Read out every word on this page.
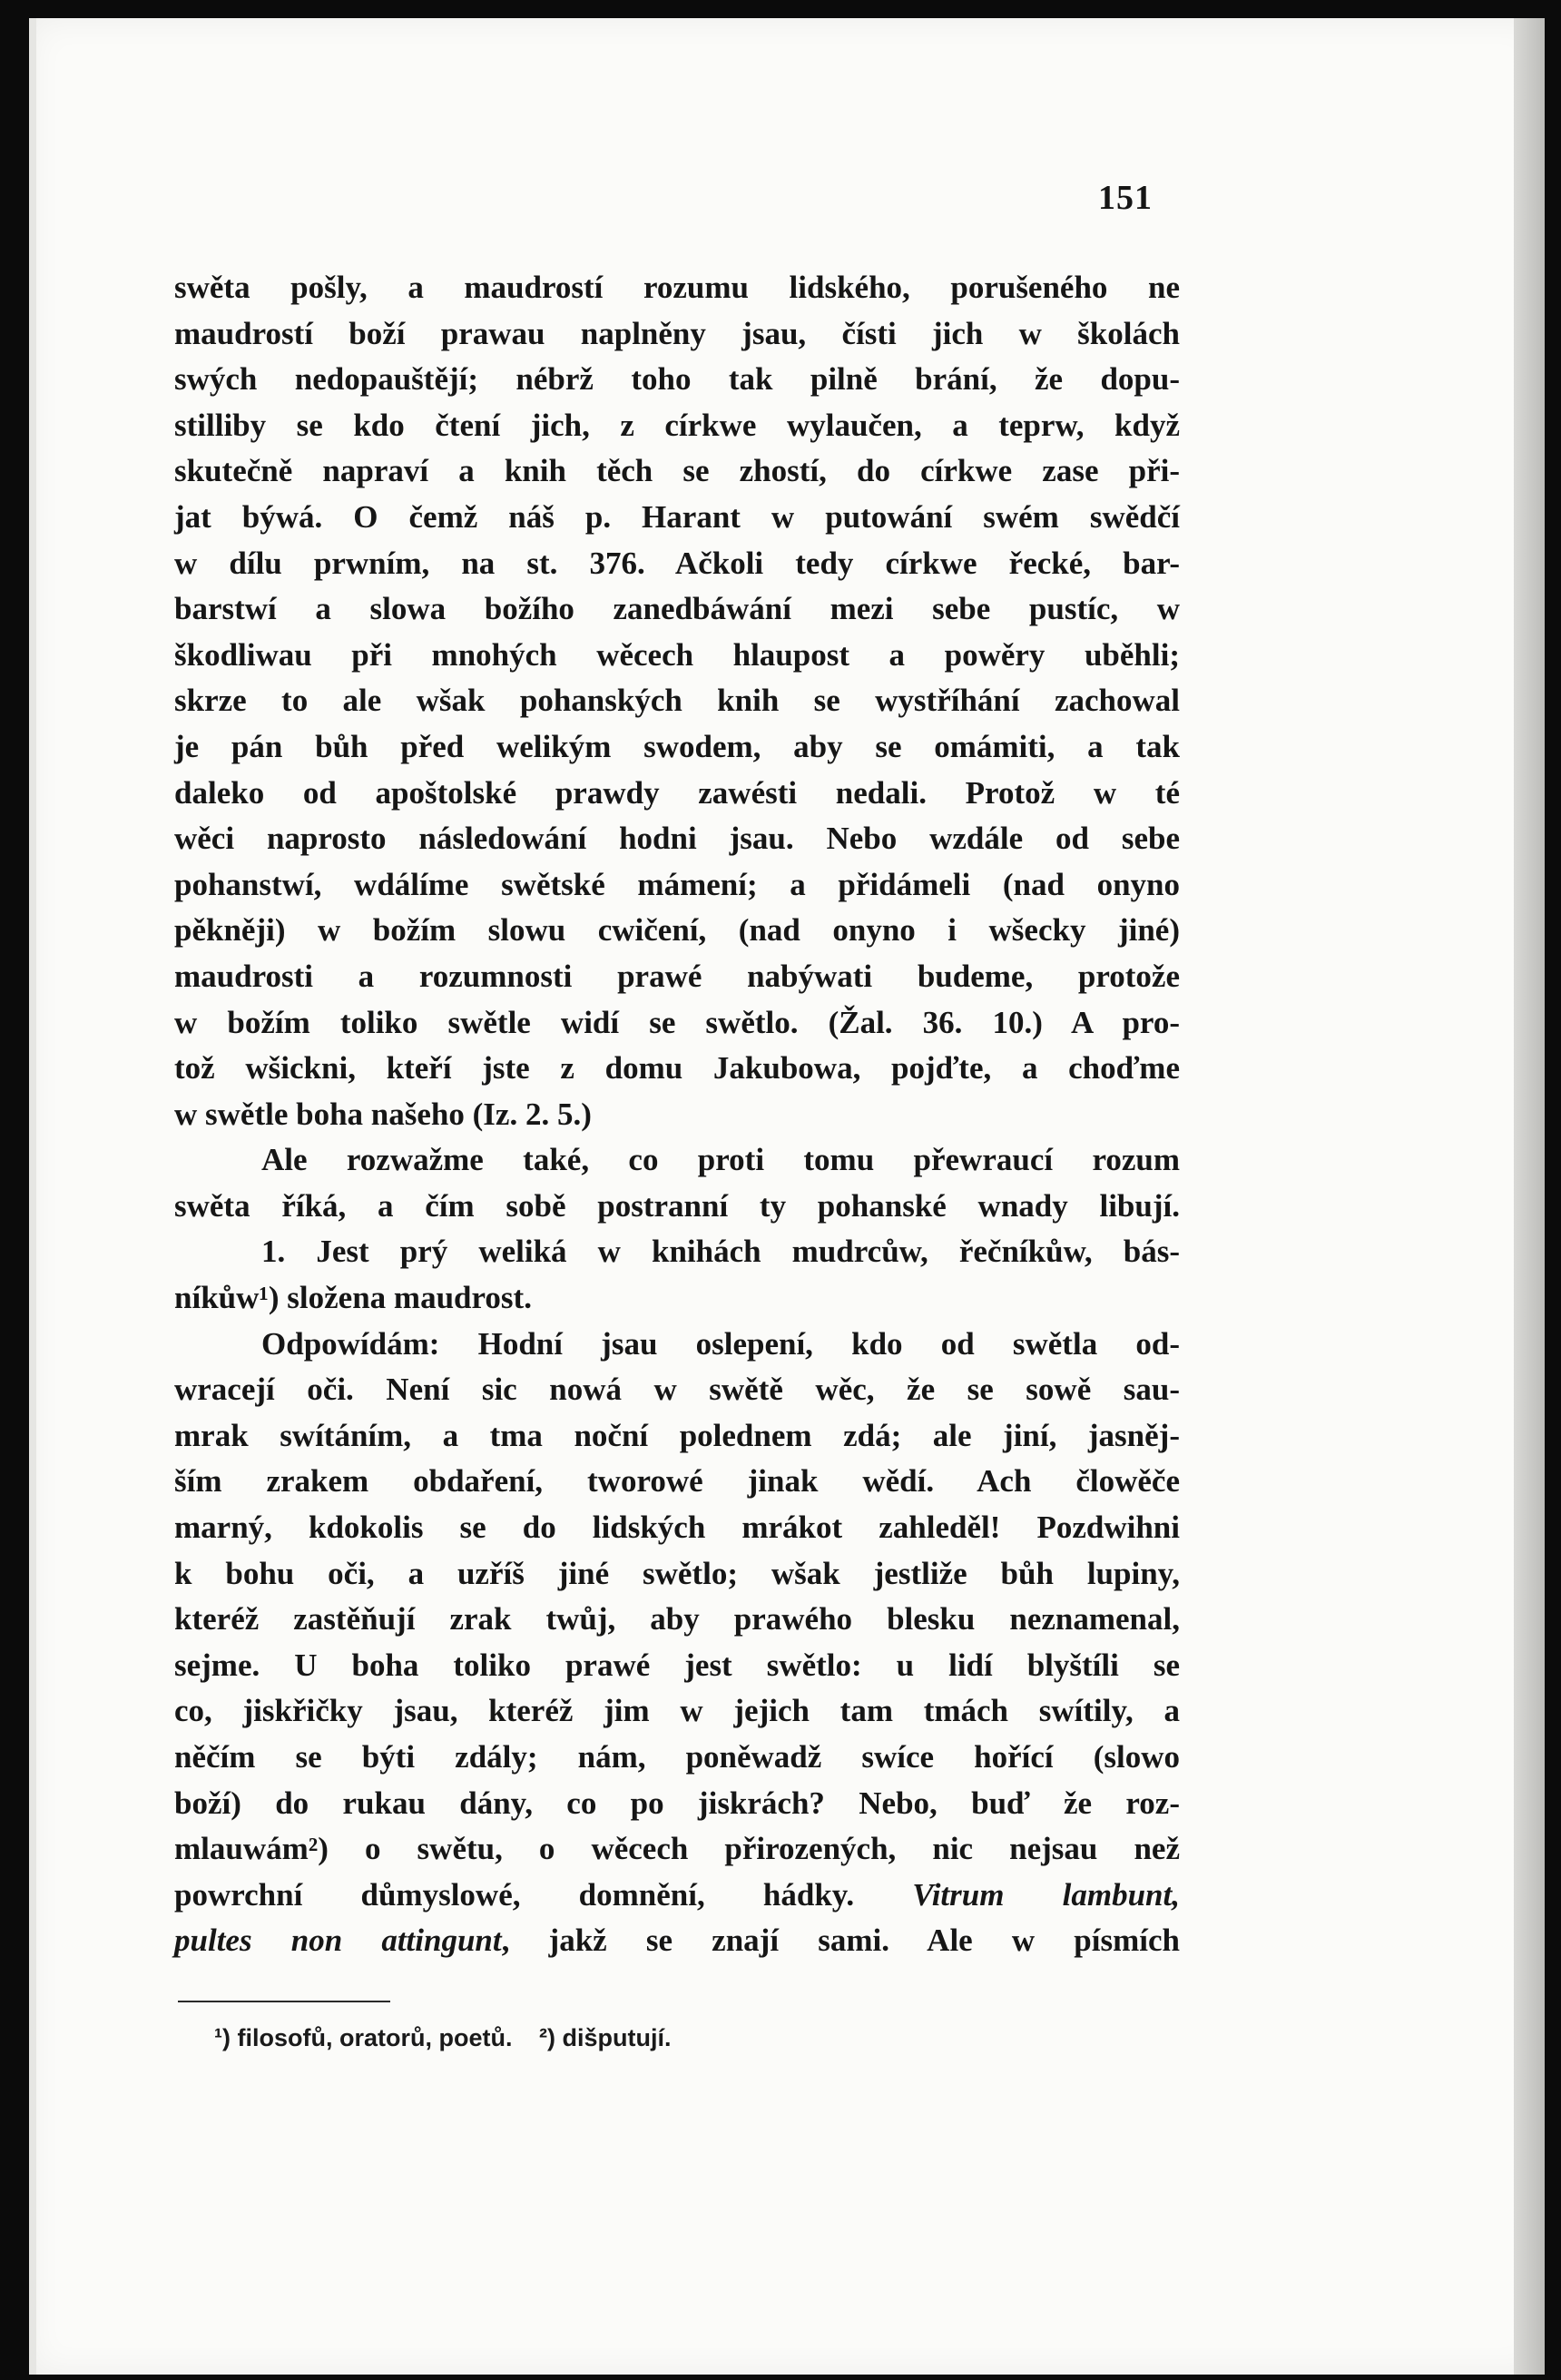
151
swěta pošly, a maudrostí rozumu lidského, porušeného ne
maudrostí boží prawau naplněny jsau, čísti jich w školách
swých nedopauštějí; nébrž toho tak pilně brání, že dopu-
stilliby se kdo čtení jich, z církwe wylaučen, a teprw, když
skutečně napraví a knih těch se zhostí, do církwe zase při-
jat býwá. O čemž náš p. Harant w putowání swém swědčí
w dílu prwním, na st. 376. Ačkoli tedy církwe řecké, bar-
barstwí a slowa božího zanedbáwání mezi sebe pustíc, w
škodliwau při mnohých wěcech hlaupost a powěry uběhli;
skrze to ale wšak pohanských knih se wystříhání zachowal
je pán bůh před welikým swodem, aby se omámiti, a tak
daleko od apoštolské prawdy zawésti nedali. Protož w té
wěci naprosto následowání hodni jsau. Nebo wzdále od sebe
pohanstwí, wdálíme swětské mámení; a přidámeli (nad onyno
pěkněji) w božím slowu cwičení, (nad onyno i wšecky jiné)
maudrosti a rozumnosti prawé nabýwati budeme, protože
w božím toliko swětle widí se swětlo. (Žal. 36. 10.) A pro-
tož wšickni, kteří jste z domu Jakubowa, pojďte, a choďme
w swětle boha našeho (Iz. 2. 5.)
Ale rozwažme také, co proti tomu přewraucí rozum
swěta říká, a čím sobě postranní ty pohanské wnady libují.
1. Jest prý weliká w knihách mudrcůw, řečníkůw, bás-
níkůw¹) složena maudrost.
Odpowídám: Hodní jsau oslepení, kdo od swětla od-
wracejí oči. Není sic nowá w swětě wěc, že se sowě sau-
mrak swítáním, a tma noční polednem zdá; ale jiní, jasněj-
ším zrakem obdaření, tworowé jinak wědí. Ach člowěče
marný, kdokolis se do lidských mrákot zahleděl! Pozdwihni
k bohu oči, a uzříš jiné swětlo; wšak jestliže bůh lupiny,
kteréž zastěňují zrak twůj, aby prawého blesku neznamenal,
sejme. U boha toliko prawé jest swětlo: u lidí blyštíli se
co, jiskřičky jsau, kteréž jim w jejich tam tmách swítily, a
něčím se býti zdály; nám, poněwadž swíce hořící (slowo
boží) do rukau dány, co po jiskrách? Nebo, buď že roz-
mlauwám²) o swětu, o wěcech přirozených, nic nejsau než
powrchní důmyslowé, domnění, hádky. Vitrum lambunt,
pultes non attingunt, jakž se znají sami. Ale w písmích
¹) filosofů, oratorů, poetů. ²) dišputují.
